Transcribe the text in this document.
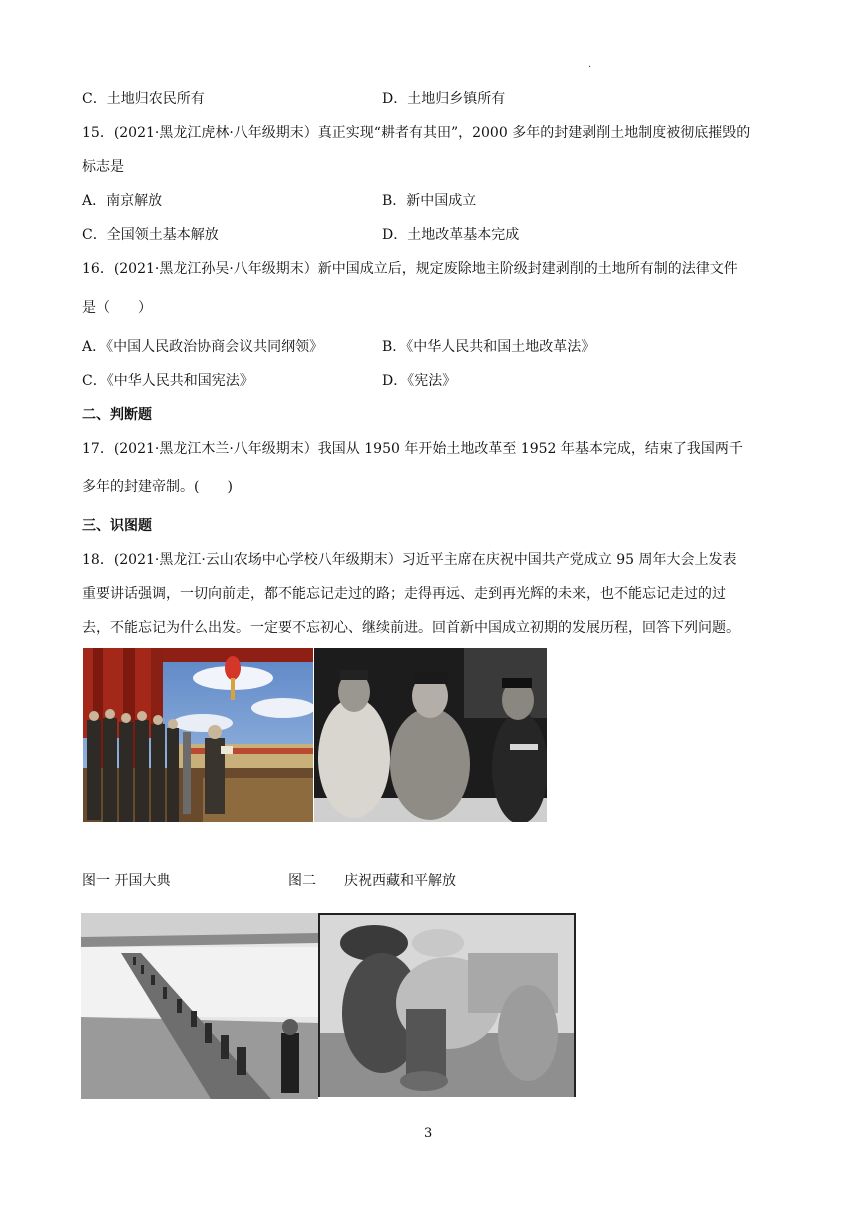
·
C．土地归农民所有	D．土地归乡镇所有
15．(2021·黑龙江虎林·八年级期末）真正实现“耕者有其田”，2000 多年的封建剥削土地制度被彻底摧毁的
标志是
A．南京解放	B．新中国成立
C．全国领土基本解放	D．土地改革基本完成
16．(2021·黑龙江孙吴·八年级期末）新中国成立后，规定废除地主阶级封建剥削的土地所有制的法律文件
是（　　）
A．《中国人民政治协商会议共同纲领》	B．《中华人民共和国土地改革法》
C．《中华人民共和国宪法》	D．《宪法》
二、判断题
17．(2021·黑龙江木兰·八年级期末）我国从 1950 年开始土地改革至 1952 年基本完成，结束了我国两千
多年的封建帝制。(　　)
三、识图题
18．(2021·黑龙江·云山农场中心学校八年级期末）习近平主席在庆祝中国共产党成立 95 周年大会上发表
重要讲话强调，一切向前走，都不能忘记走过的路；走得再远、走到再光辉的未来，也不能忘记走过的过
去，不能忘记为什么出发。一定要不忘初心、继续前进。回首新中国成立初期的发展历程，回答下列问题。
图一 开国大典	图二　　庆祝西藏和平解放
3
